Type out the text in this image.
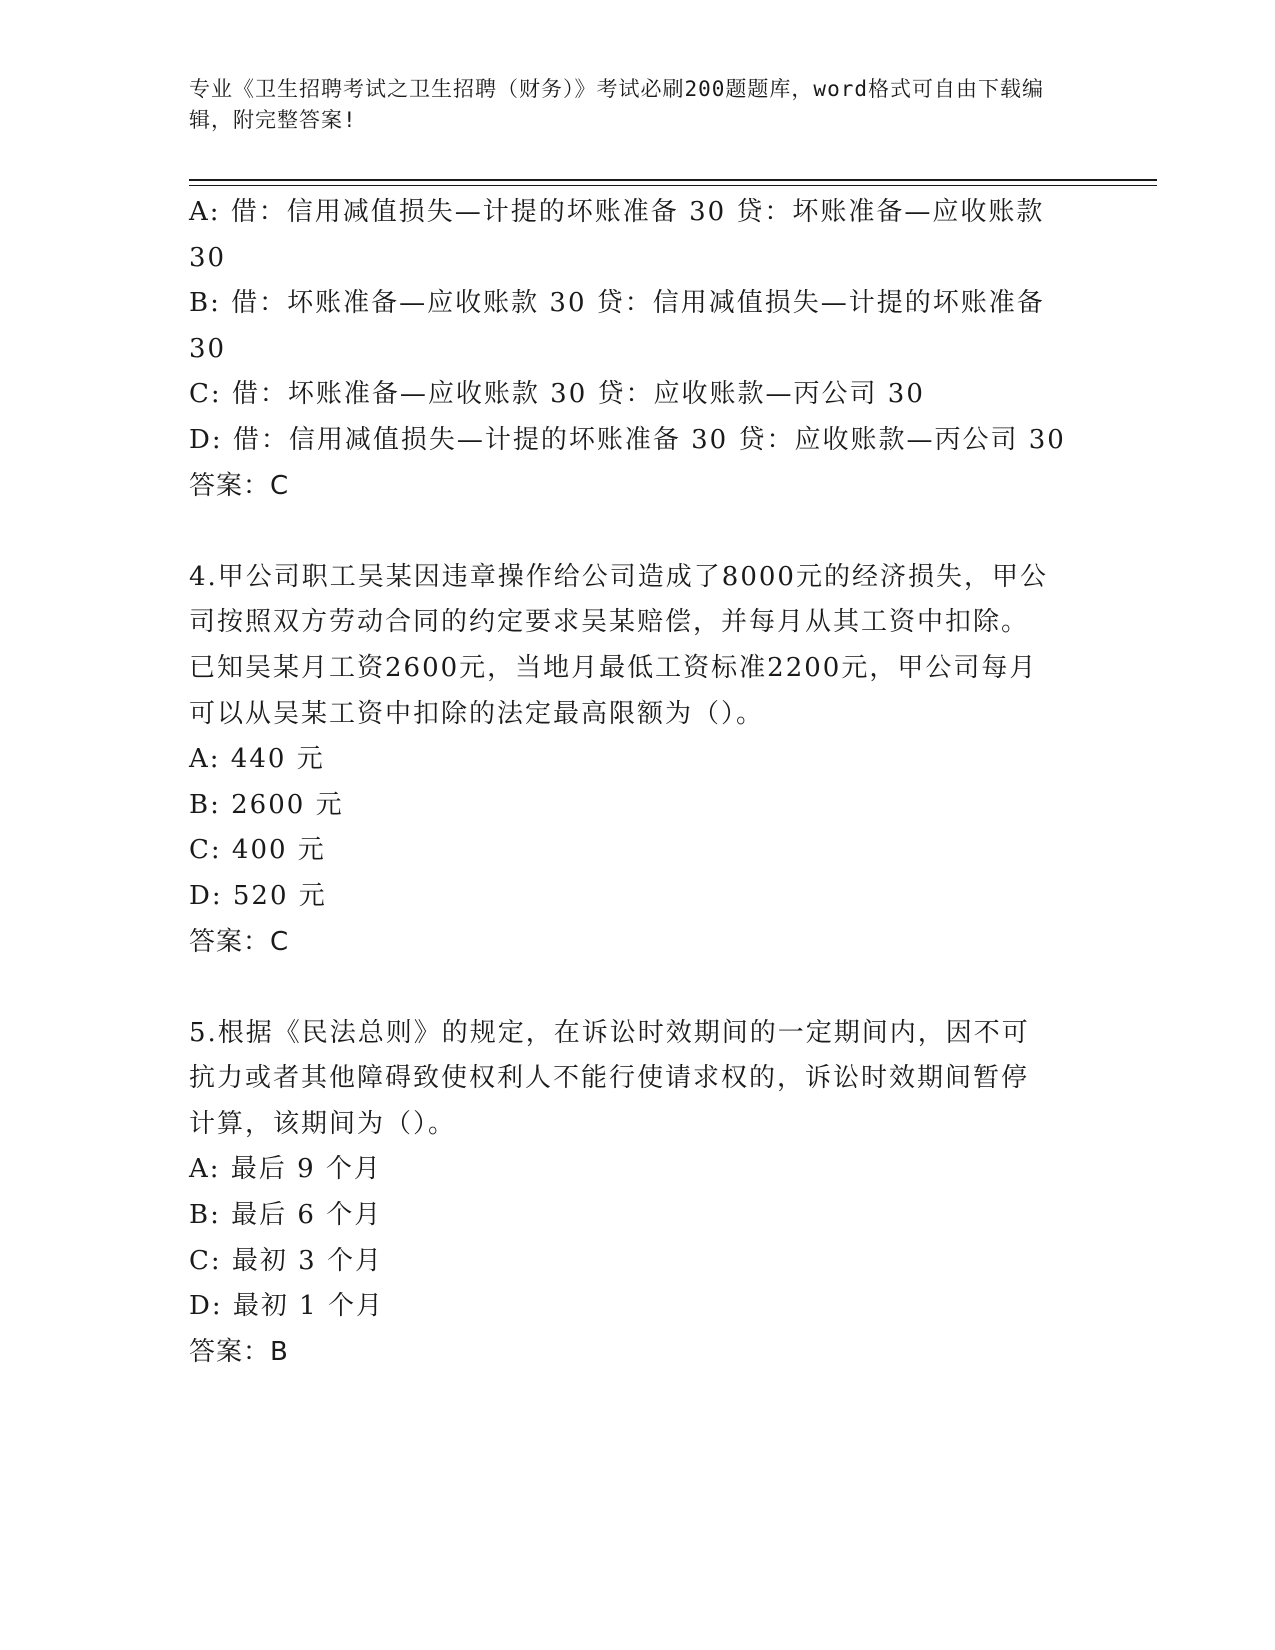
专业《卫生招聘考试之卫生招聘（财务）》考试必刷200题题库，word格式可自由下载编辑，附完整答案!
A: 借：信用减值损失—计提的坏账准备 30 贷：坏账准备—应收账款
30
B: 借：坏账准备—应收账款 30 贷：信用减值损失—计提的坏账准备
30
C: 借：坏账准备—应收账款 30 贷：应收账款—丙公司 30
D: 借：信用减值损失—计提的坏账准备 30 贷：应收账款—丙公司 30
答案：C
4.甲公司职工吴某因违章操作给公司造成了8000元的经济损失，甲公
司按照双方劳动合同的约定要求吴某赔偿，并每月从其工资中扣除。
已知吴某月工资2600元，当地月最低工资标准2200元，甲公司每月
可以从吴某工资中扣除的法定最高限额为（）。
A: 440 元
B: 2600 元
C: 400 元
D: 520 元
答案：C
5.根据《民法总则》的规定，在诉讼时效期间的一定期间内，因不可
抗力或者其他障碍致使权利人不能行使请求权的，诉讼时效期间暂停
计算，该期间为（）。
A: 最后 9 个月
B: 最后 6 个月
C: 最初 3 个月
D: 最初 1 个月
答案：B
